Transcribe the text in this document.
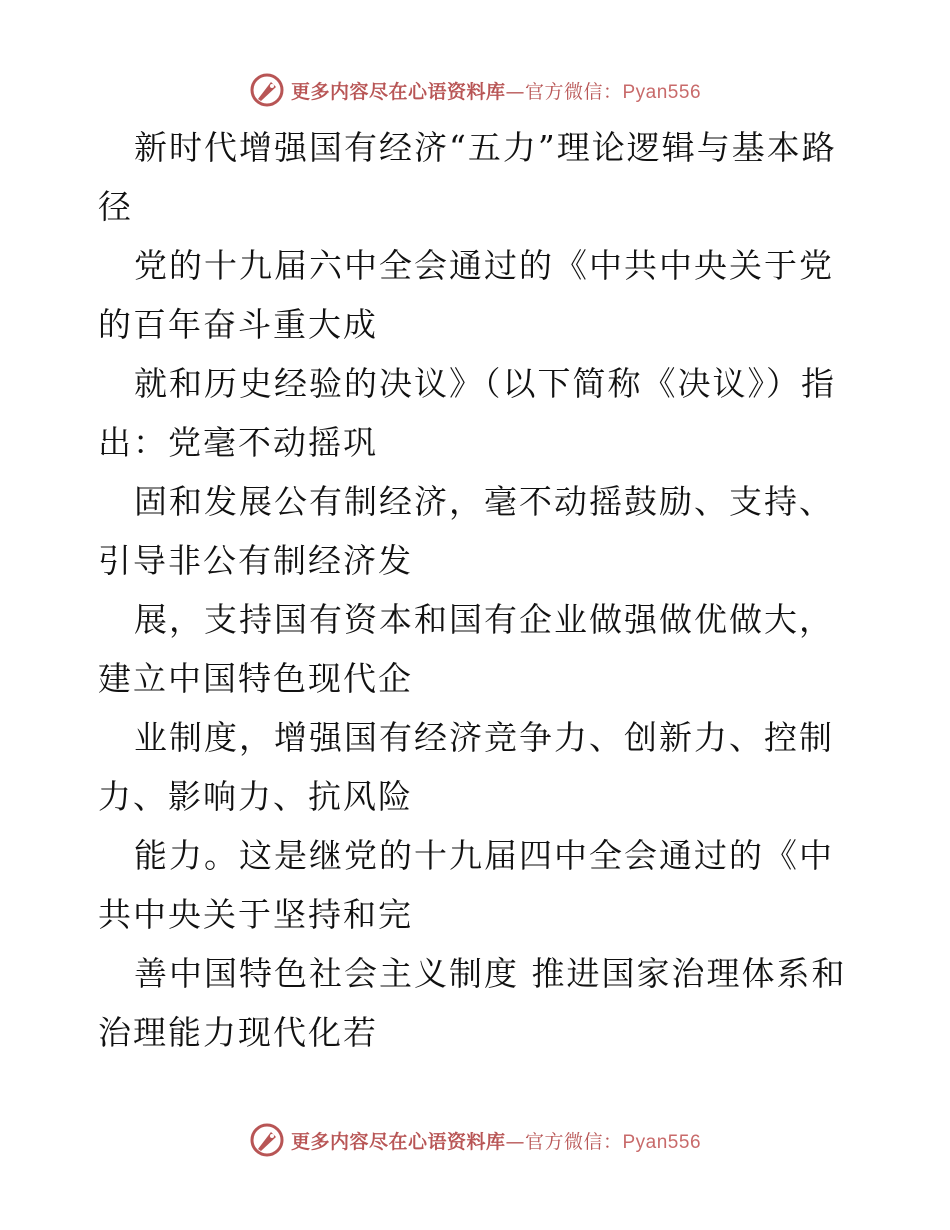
更多内容尽在心语资料库—官方微信：Pyan556

新时代增强国有经济“五力”理论逻辑与基本路径

党的十九届六中全会通过的《中共中央关于党的百年奋斗重大成

就和历史经验的决议》（以下简称《决议》）指出：党毫不动摇巩

固和发展公有制经济，毫不动摇鼓励、支持、引导非公有制经济发

展，支持国有资本和国有企业做强做优做大，建立中国特色现代企

业制度，增强国有经济竞争力、创新力、控制力、影响力、抗风险

能力。这是继党的十九届四中全会通过的《中共中央关于坚持和完

善中国特色社会主义制度 推进国家治理体系和治理能力现代化若

更多内容尽在心语资料库—官方微信：Pyan556
